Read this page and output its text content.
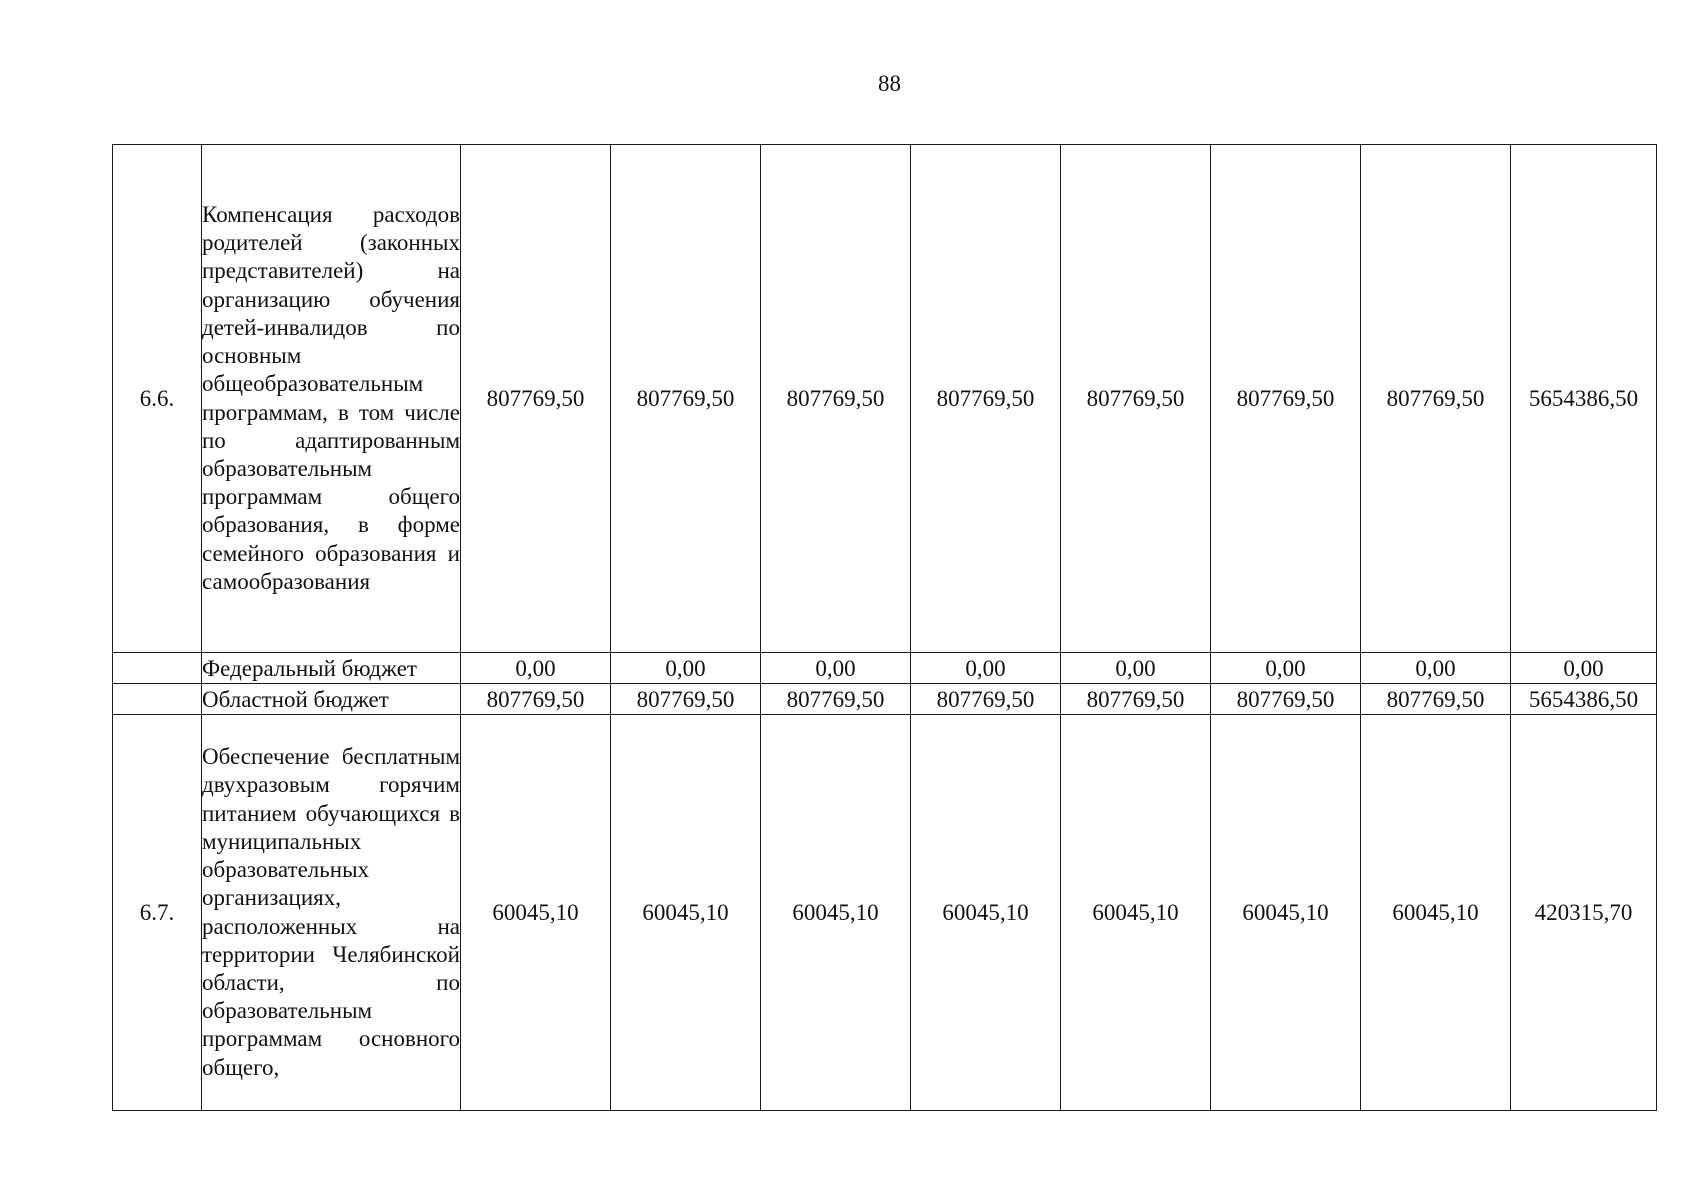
88
6.6.	Компенсация расходов родителей (законных представителей) на организацию обучения детей-инвалидов по основным общеобразовательным программам, в том числе по адаптированным образовательным программам общего образования, в форме семейного образования и самообразования	807769,50	807769,50	807769,50	807769,50	807769,50	807769,50	807769,50	5654386,50
	Федеральный бюджет	0,00	0,00	0,00	0,00	0,00	0,00	0,00	0,00
	Областной бюджет	807769,50	807769,50	807769,50	807769,50	807769,50	807769,50	807769,50	5654386,50
6.7.	Обеспечение бесплатным двухразовым горячим питанием обучающихся в муниципальных образовательных организациях, расположенных на территории Челябинской области, по образовательным программам основного общего,	60045,10	60045,10	60045,10	60045,10	60045,10	60045,10	60045,10	420315,70
